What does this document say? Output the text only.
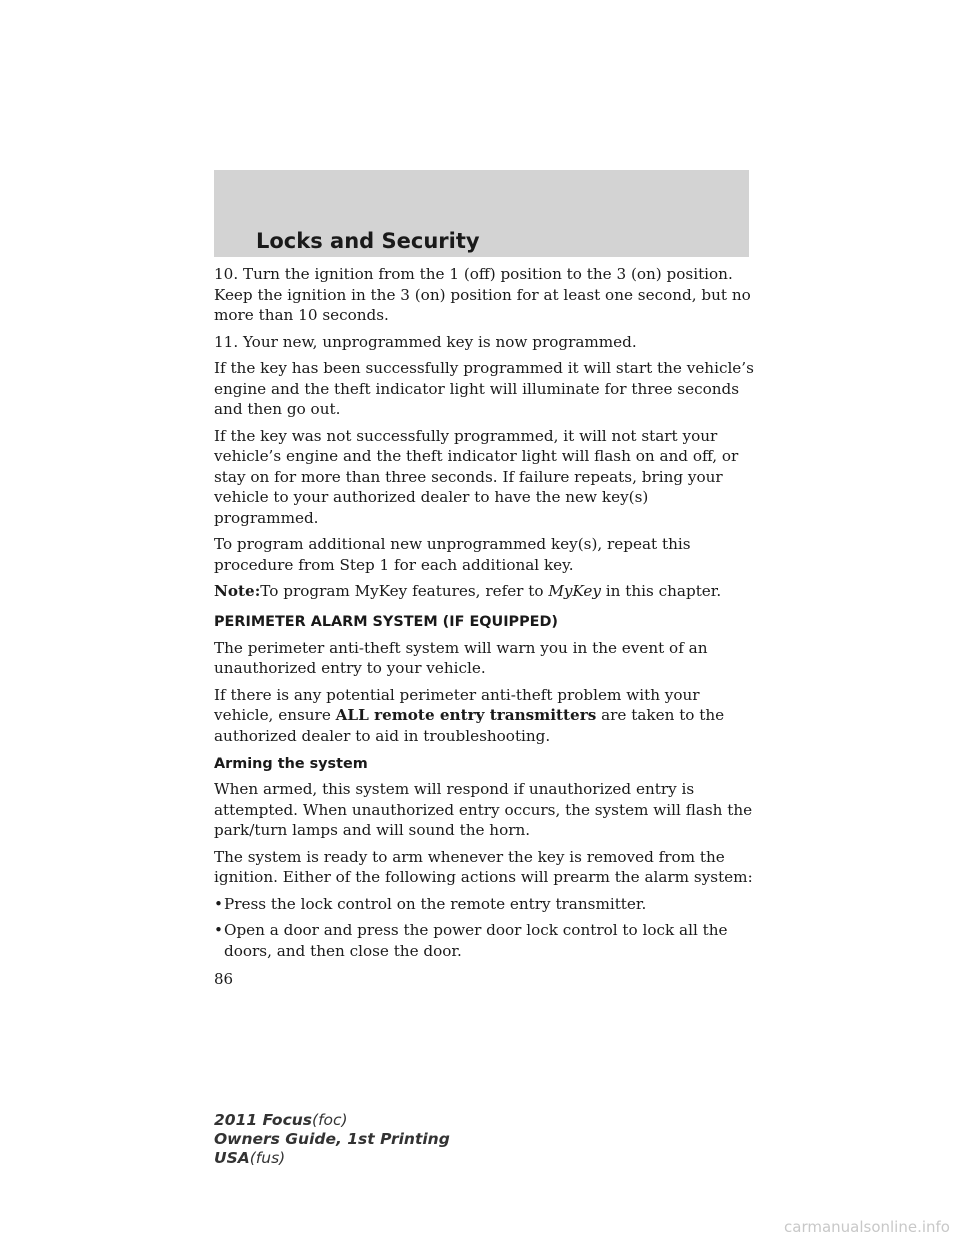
Locks and Security

10. Turn the ignition from the 1 (off) position to the 3 (on) position. Keep the ignition in the 3 (on) position for at least one second, but no more than 10 seconds.

11. Your new, unprogrammed key is now programmed.

If the key has been successfully programmed it will start the vehicle’s engine and the theft indicator light will illuminate for three seconds and then go out.

If the key was not successfully programmed, it will not start your vehicle’s engine and the theft indicator light will flash on and off, or stay on for more than three seconds. If failure repeats, bring your vehicle to your authorized dealer to have the new key(s) programmed.

To program additional new unprogrammed key(s), repeat this procedure from Step 1 for each additional key.

Note:To program MyKey features, refer to MyKey in this chapter.

PERIMETER ALARM SYSTEM (IF EQUIPPED)

The perimeter anti-theft system will warn you in the event of an unauthorized entry to your vehicle.

If there is any potential perimeter anti-theft problem with your vehicle, ensure ALL remote entry transmitters are taken to the authorized dealer to aid in troubleshooting.

Arming the system

When armed, this system will respond if unauthorized entry is attempted. When unauthorized entry occurs, the system will flash the park/turn lamps and will sound the horn.

The system is ready to arm whenever the key is removed from the ignition. Either of the following actions will prearm the alarm system:

• Press the lock control on the remote entry transmitter.
• Open a door and press the power door lock control to lock all the doors, and then close the door.
86
2011 Focus(foc)
Owners Guide, 1st Printing
USA(fus)
carmanualsonline.info
